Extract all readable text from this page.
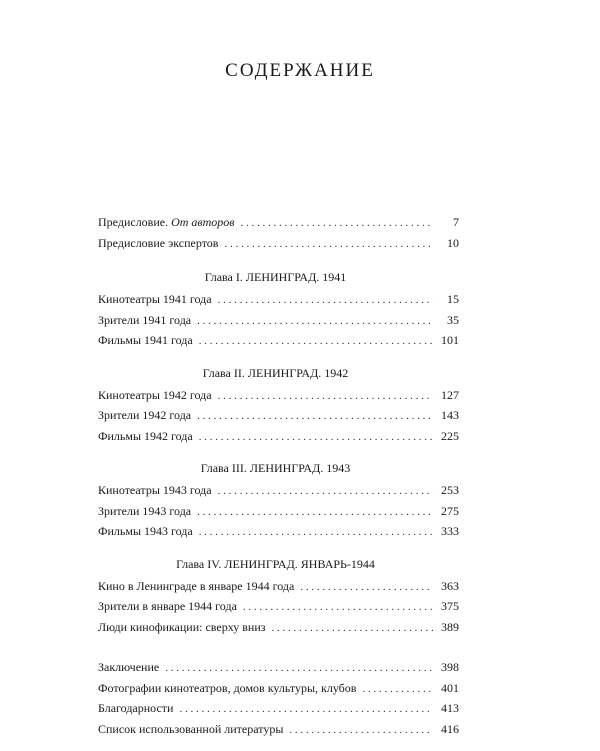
СОДЕРЖАНИЕ
Предисловие. От авторов . . .	7
Предисловие экспертов . . .	10
Глава I. ЛЕНИНГРАД. 1941
Кинотеатры 1941 года . . .	15
Зрители 1941 года . . .	35
Фильмы 1941 года . . .	101
Глава II. ЛЕНИНГРАД. 1942
Кинотеатры 1942 года . . .	127
Зрители 1942 года . . .	143
Фильмы 1942 года . . .	225
Глава III. ЛЕНИНГРАД. 1943
Кинотеатры 1943 года . . .	253
Зрители 1943 года . . .	275
Фильмы 1943 года . . .	333
Глава IV. ЛЕНИНГРАД. ЯНВАРЬ-1944
Кино в Ленинграде в январе 1944 года . . .	363
Зрители в январе 1944 года . . .	375
Люди кинофикации: сверху вниз . . .	389
Заключение . . .	398
Фотографии кинотеатров, домов культуры, клубов . . .	401
Благодарности . . .	413
Список использованной литературы . . .	416
